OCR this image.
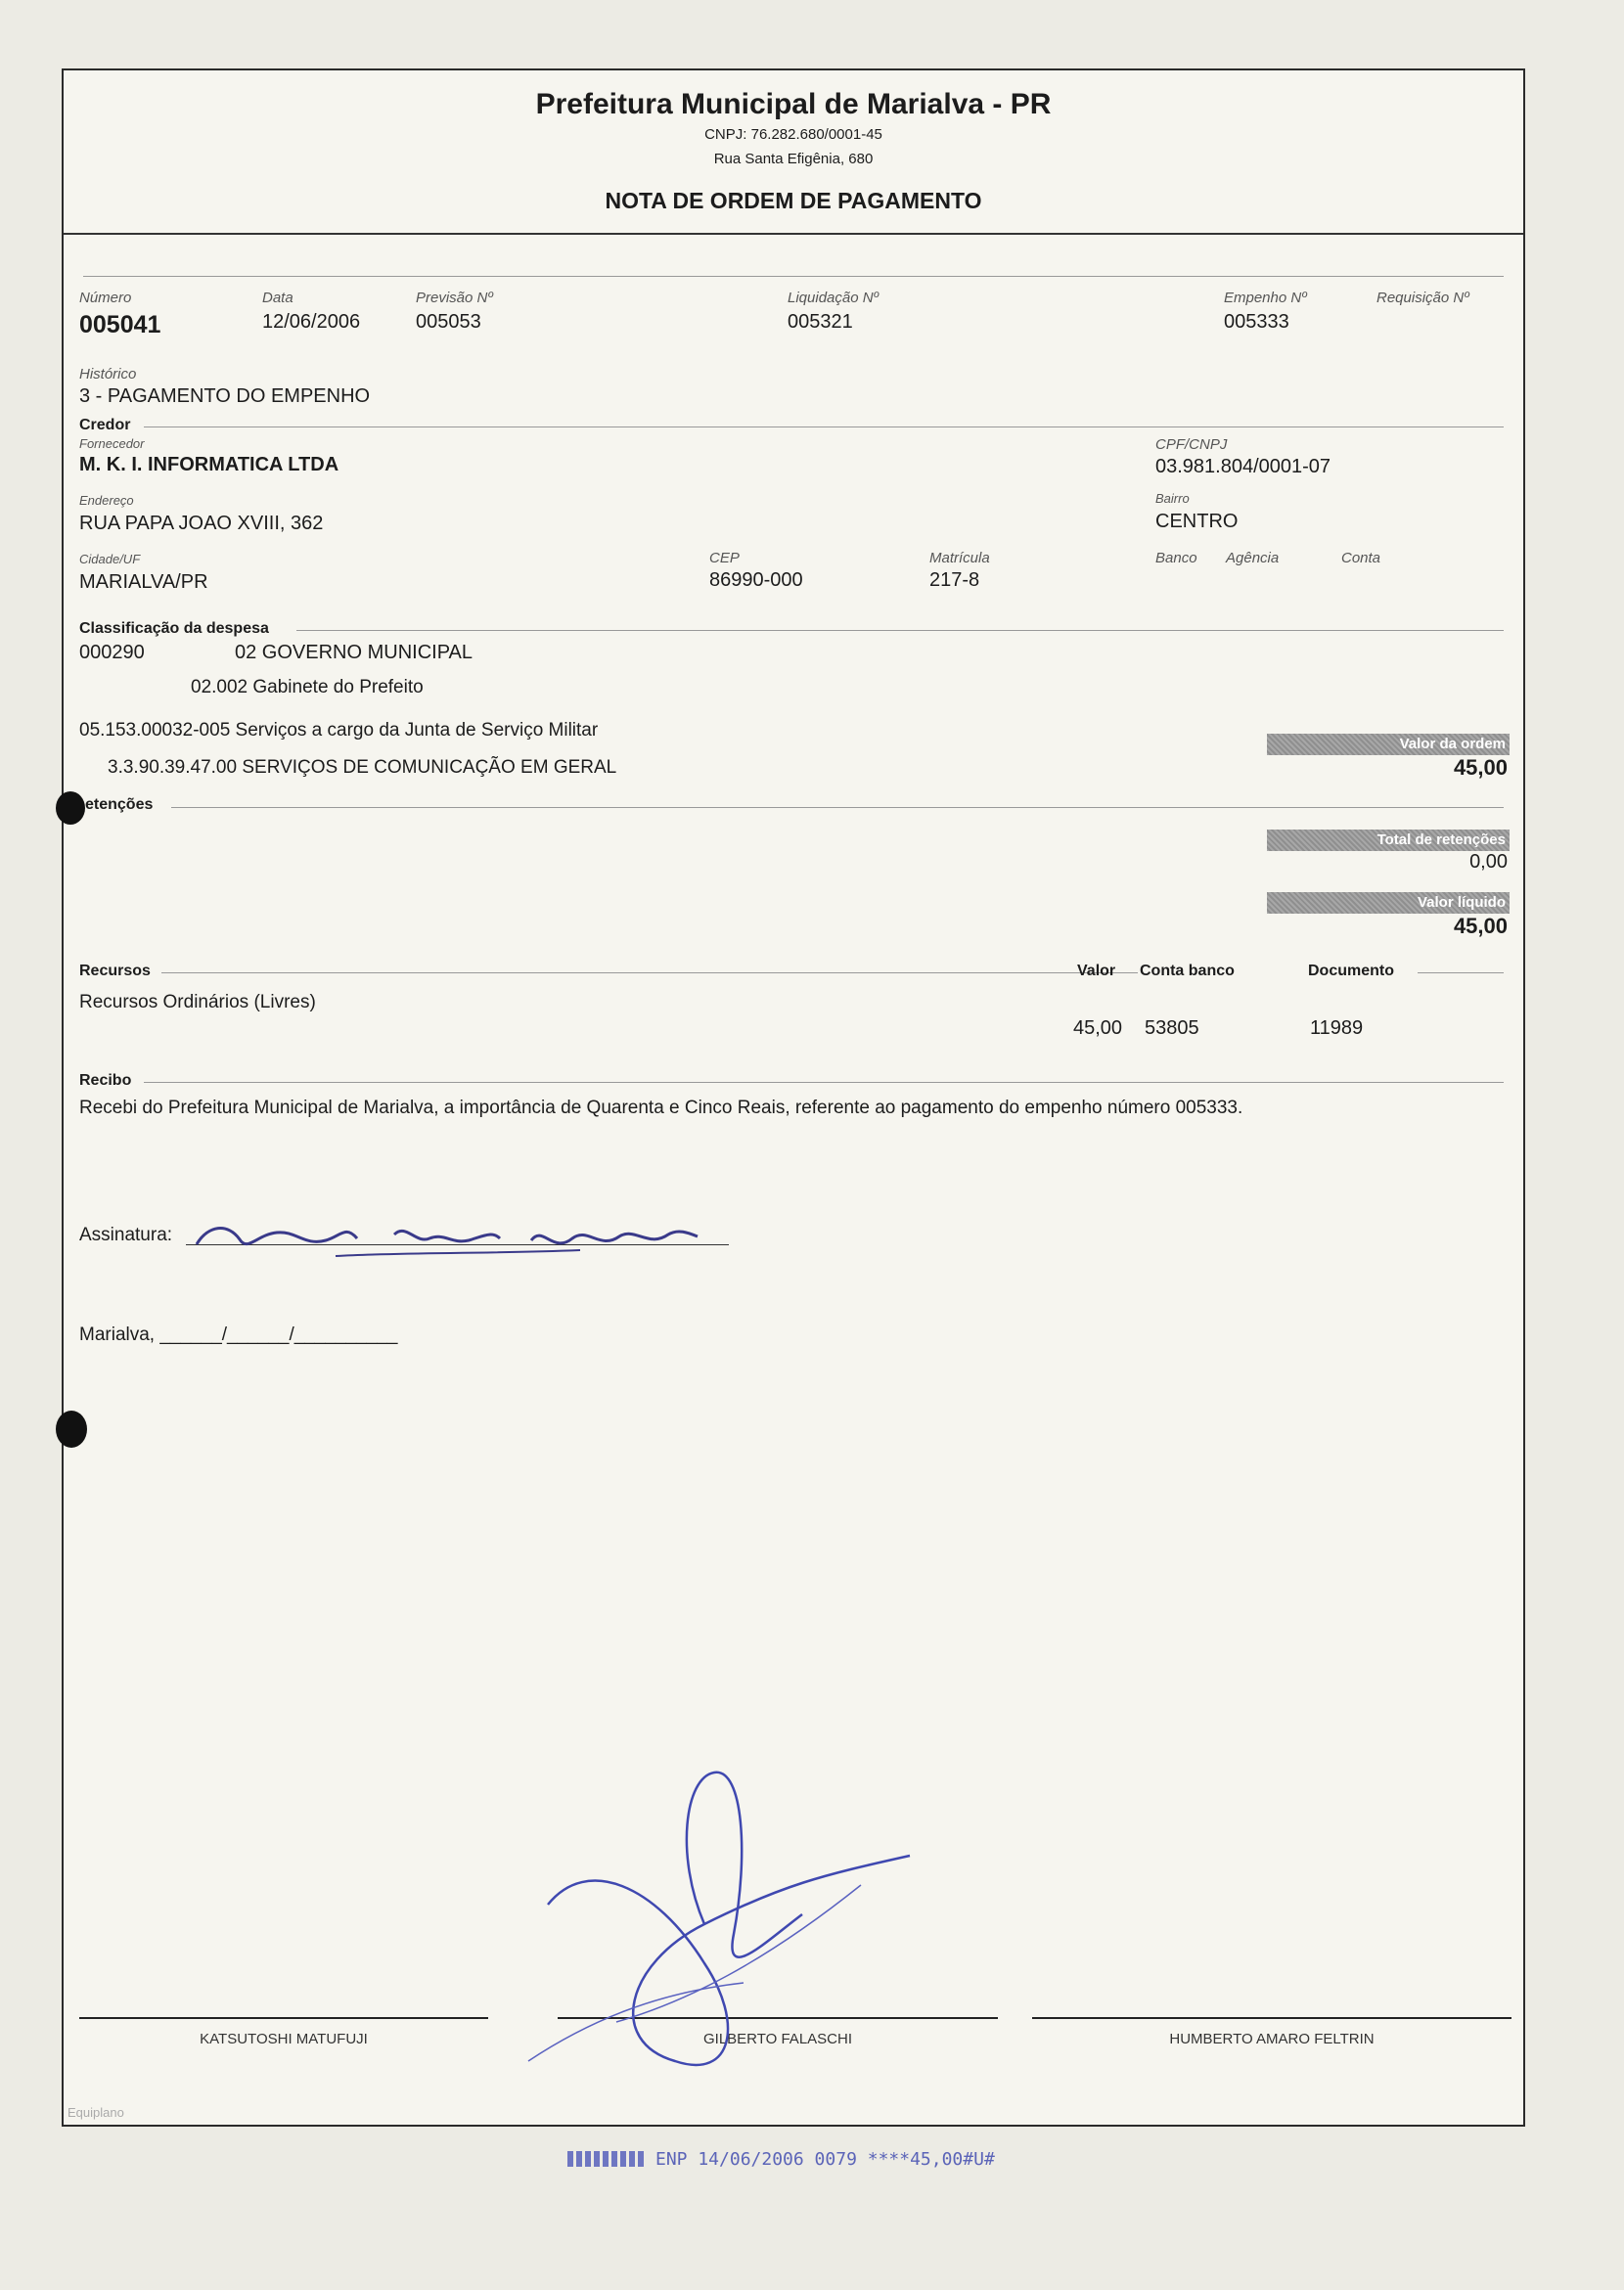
Prefeitura Municipal de Marialva - PR
CNPJ: 76.282.680/0001-45
Rua Santa Efigênia, 680
NOTA DE ORDEM DE PAGAMENTO
Número
005041
Data
12/06/2006
Previsão Nº
005053
Liquidação Nº
005321
Empenho Nº
005333
Requisição Nº
Histórico
3 - PAGAMENTO DO EMPENHO
Credor
Fornecedor
M. K. I. INFORMATICA LTDA
CPF/CNPJ
03.981.804/0001-07
Endereço
RUA PAPA JOAO XVIII, 362
Bairro
CENTRO
Cidade/UF
MARIALVA/PR
CEP
86990-000
Matrícula
217-8
Banco Agência	Conta
Classificação da despesa
000290	02 GOVERNO MUNICIPAL
02.002 Gabinete do Prefeito
05.153.00032-005 Serviços a cargo da Junta de Serviço Militar
3.3.90.39.47.00 SERVIÇOS DE COMUNICAÇÃO EM GERAL
Valor da ordem
45,00
etenções
Total de retenções
0,00
Valor líquido
45,00
Recursos	Valor Conta banco	Documento
Recursos Ordinários (Livres)
45,00 53805	11989
Recibo
Recebi do Prefeitura Municipal de Marialva, a importância de Quarenta e Cinco Reais, referente ao pagamento do empenho número 005333.
Assinatura:
Marialva, ______/______/__________
KATSUTOSHI MATUFUJI	GILBERTO FALASCHI	HUMBERTO AMARO FELTRIN
Equiplano
ENP 14/06/2006 0079 ****45,00#U#
